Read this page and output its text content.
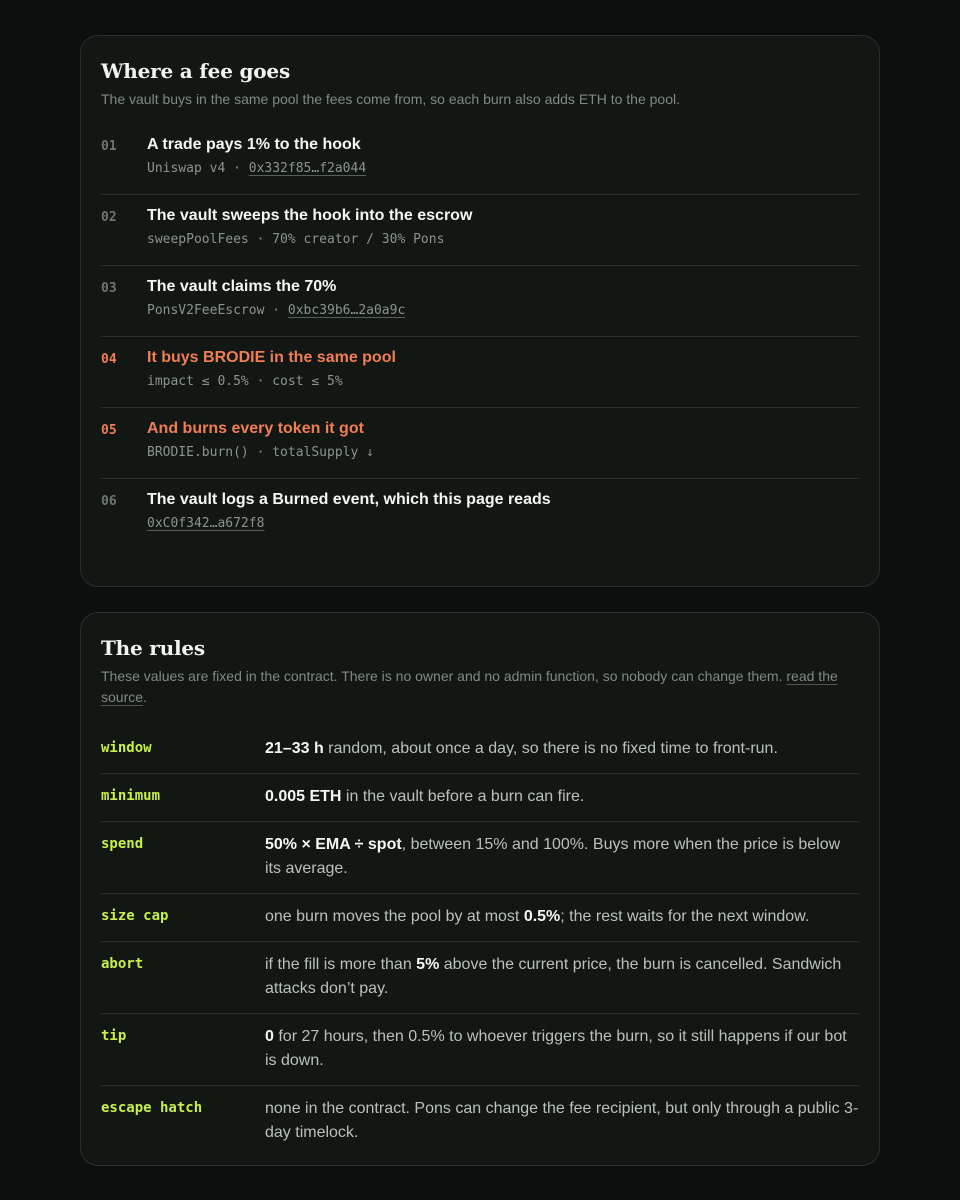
Where a fee goes

The vault buys in the same pool the fees come from, so each burn also adds ETH to the pool.

01	A trade pays 1% to the hook
Uniswap v4 · 0x332f85…f2a044
02	The vault sweeps the hook into the escrow
sweepPoolFees · 70% creator / 30% Pons
03	The vault claims the 70%
PonsV2FeeEscrow · 0xbc39b6…2a0a9c
04	It buys BRODIE in the same pool
impact ≤ 0.5% · cost ≤ 5%
05	And burns every token it got
BRODIE.burn() · totalSupply ↓
06	The vault logs a Burned event, which this page reads
0xC0f342…a672f8
The rules

These values are fixed in the contract. There is no owner and no admin function, so nobody can change them. read the source.

window	21–33 h random, about once a day, so there is no fixed time to front-run.
minimum	0.005 ETH in the vault before a burn can fire.
spend	50% × EMA ÷ spot, between 15% and 100%. Buys more when the price is below its average.
size cap	one burn moves the pool by at most 0.5%; the rest waits for the next window.
abort	if the fill is more than 5% above the current price, the burn is cancelled. Sandwich attacks don’t pay.
tip	0 for 27 hours, then 0.5% to whoever triggers the burn, so it still happens if our bot is down.
escape hatch	none in the contract. Pons can change the fee recipient, but only through a public 3-day timelock.
